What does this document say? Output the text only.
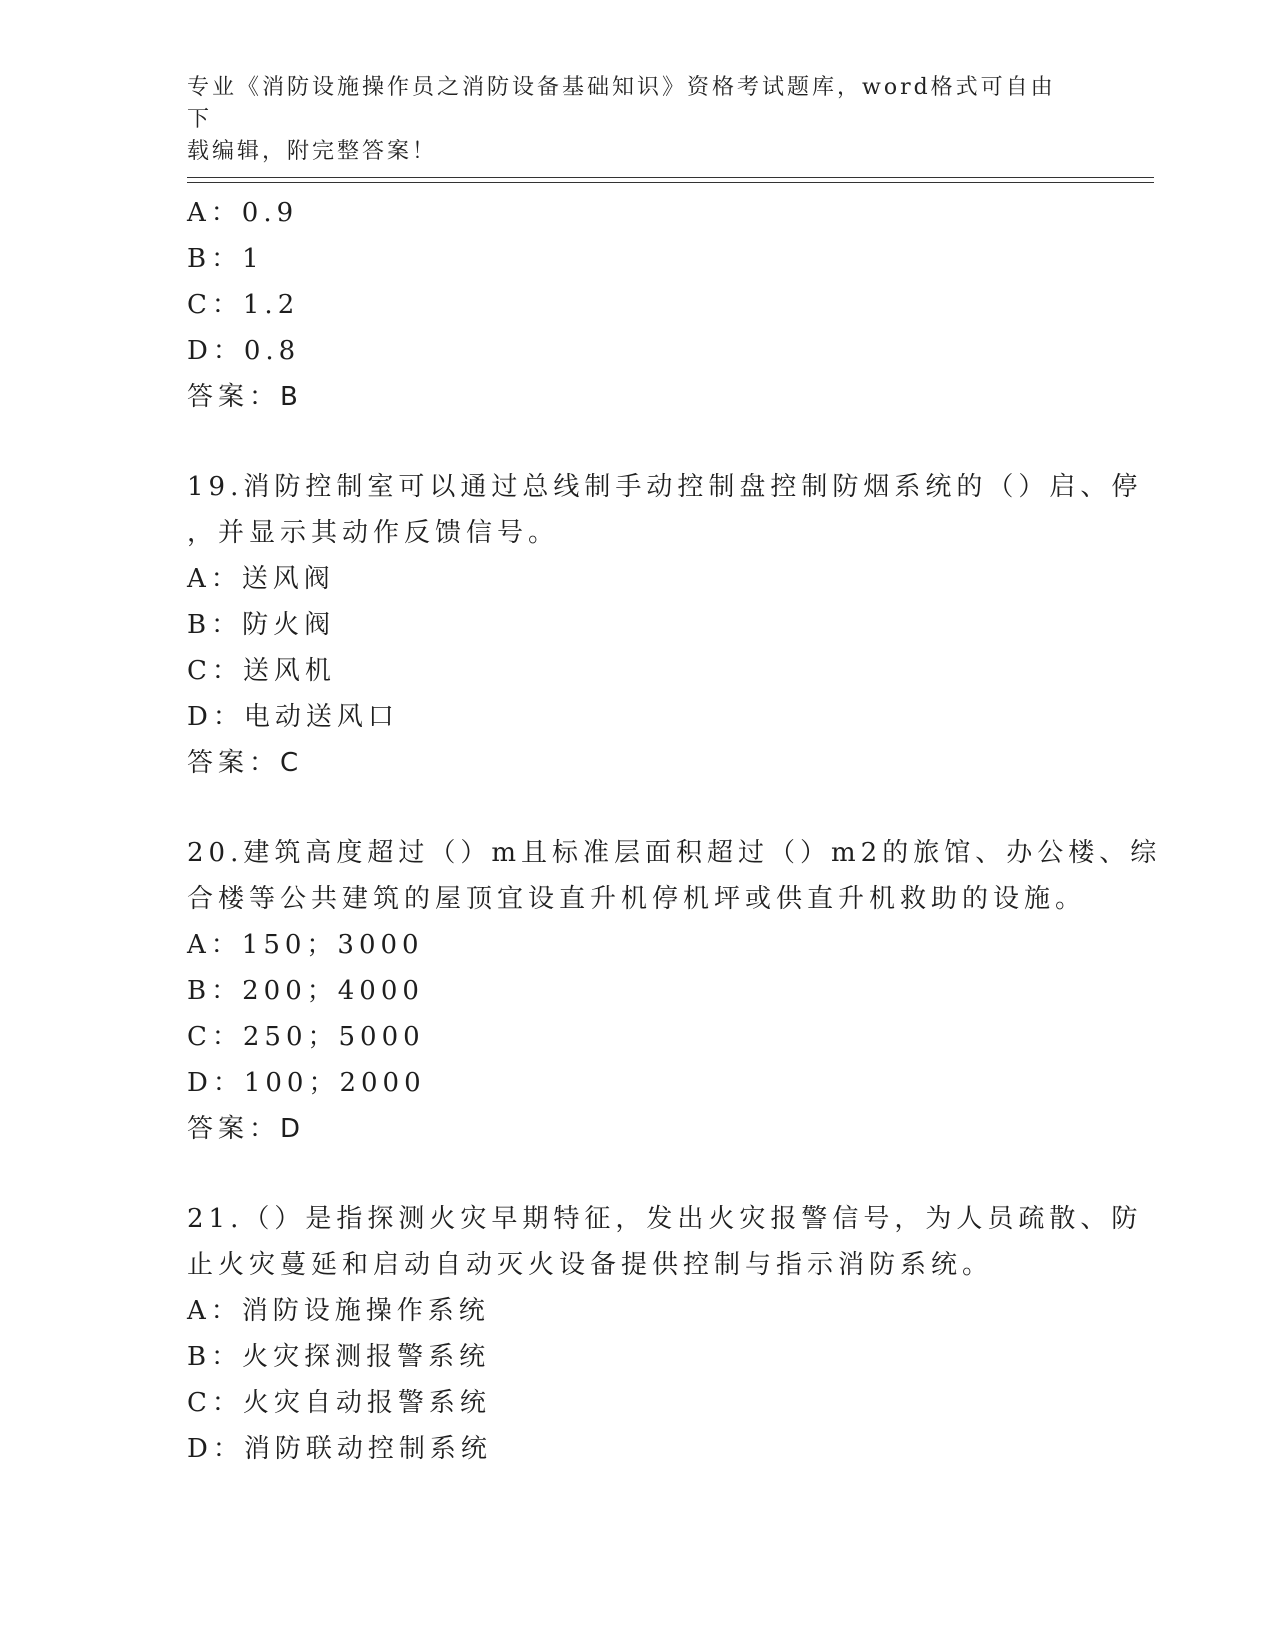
专业《消防设施操作员之消防设备基础知识》资格考试题库，word格式可自由下
载编辑，附完整答案！
A：0.9
B：1
C：1.2
D：0.8
答案：B
19.消防控制室可以通过总线制手动控制盘控制防烟系统的（）启、停
，并显示其动作反馈信号。
A：送风阀
B：防火阀
C：送风机
D：电动送风口
答案：C
20.建筑高度超过（）m且标准层面积超过（）m2的旅馆、办公楼、综
合楼等公共建筑的屋顶宜设直升机停机坪或供直升机救助的设施。
A：150；3000
B：200；4000
C：250；5000
D：100；2000
答案：D
21.（）是指探测火灾早期特征，发出火灾报警信号，为人员疏散、防
止火灾蔓延和启动自动灭火设备提供控制与指示消防系统。
A：消防设施操作系统
B：火灾探测报警系统
C：火灾自动报警系统
D：消防联动控制系统
